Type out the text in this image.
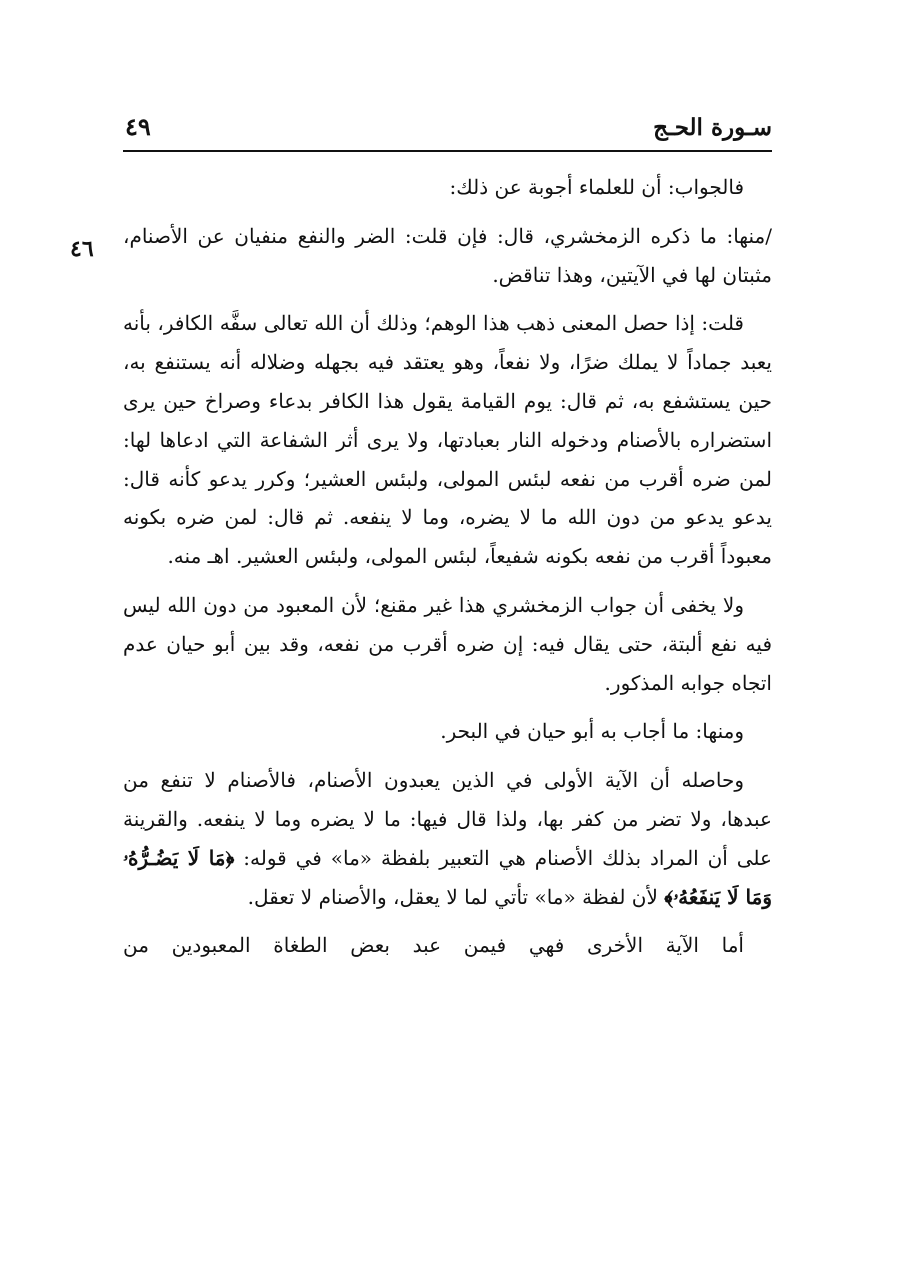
سـورة الحـج
٤٩
٤٦

فالجواب: أن للعلماء أجوبة عن ذلك:

/منها: ما ذكره الزمخشري، قال: فإن قلت: الضر والنفع منفيان عن الأصنام، مثبتان لها في الآيتين، وهذا تناقض.

قلت: إذا حصل المعنى ذهب هذا الوهم؛ وذلك أن الله تعالى سفَّه الكافر، بأنه يعبد جماداً لا يملك ضرًا، ولا نفعاً، وهو يعتقد فيه بجهله وضلاله أنه يستنفع به، حين يستشفع به، ثم قال: يوم القيامة يقول هذا الكافر بدعاء وصراخ حين يرى استضراره بالأصنام ودخوله النار بعبادتها، ولا يرى أثر الشفاعة التي ادعاها لها: لمن ضره أقرب من نفعه لبئس المولى، ولبئس العشير؛ وكرر يدعو كأنه قال: يدعو يدعو من دون الله ما لا يضره، وما لا ينفعه. ثم قال: لمن ضره بكونه معبوداً أقرب من نفعه بكونه شفيعاً، لبئس المولى، ولبئس العشير. اهـ منه.

ولا يخفى أن جواب الزمخشري هذا غير مقنع؛ لأن المعبود من دون الله ليس فيه نفع ألبتة، حتى يقال فيه: إن ضره أقرب من نفعه، وقد بين أبو حيان عدم اتجاه جوابه المذكور.

ومنها: ما أجاب به أبو حيان في البحر.

وحاصله أن الآية الأولى في الذين يعبدون الأصنام، فالأصنام لا تنفع من عبدها، ولا تضر من كفر بها، ولذا قال فيها: ما لا يضره وما لا ينفعه. والقرينة على أن المراد بذلك الأصنام هي التعبير بلفظة «ما» في قوله: ﴿مَا لَا يَضُـرُّهُۥ وَمَا لَا يَنفَعُهُۥ﴾ لأن لفظة «ما» تأتي لما لا يعقل، والأصنام لا تعقل.

أما الآية الأخرى فهي فيمن عبد بعض الطغاة المعبودين من
